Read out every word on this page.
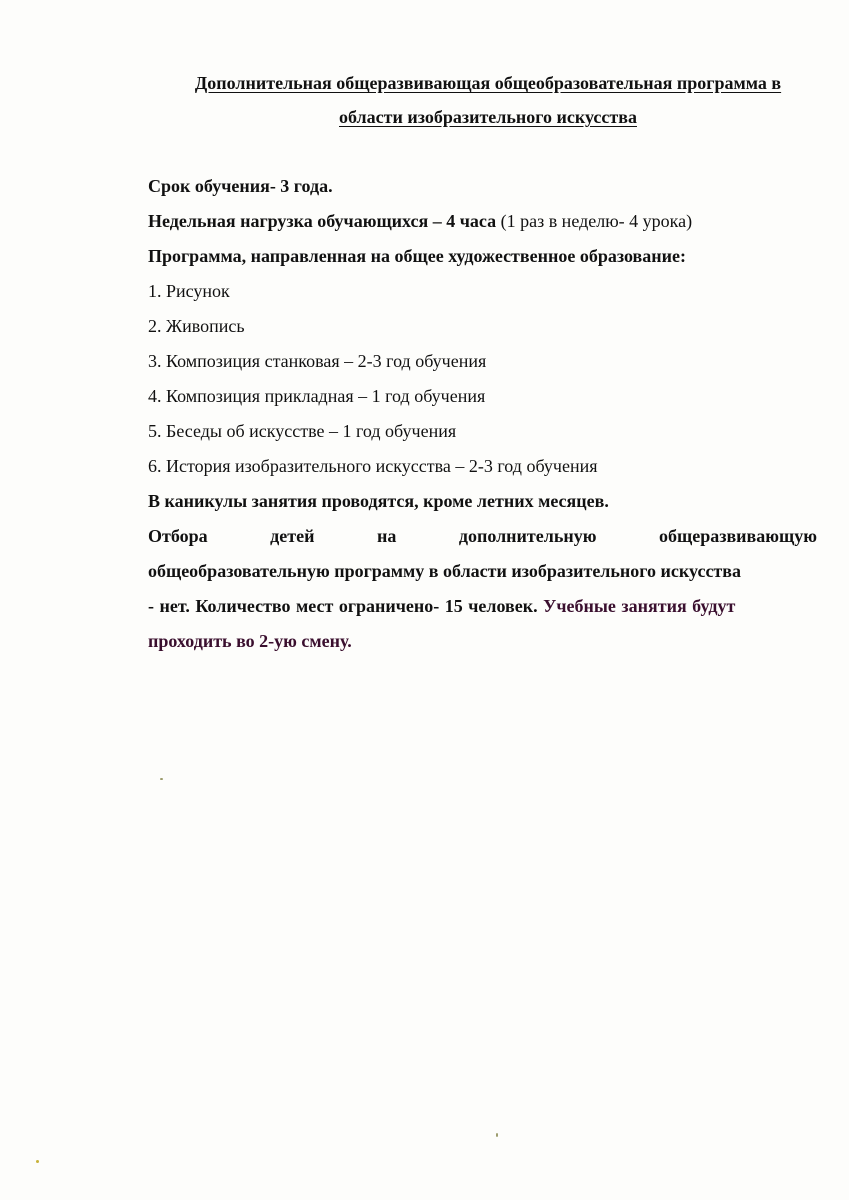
Дополнительная общеразвивающая общеобразовательная программа в
области изобразительного искусства
Срок обучения- 3 года.
Недельная нагрузка обучающихся – 4 часа (1 раз в неделю- 4 урока)
Программа, направленная на общее художественное образование:
1. Рисунок
2. Живопись
3. Композиция станковая – 2-3 год обучения
4. Композиция прикладная – 1 год обучения
5. Беседы об искусстве – 1 год обучения
6. История изобразительного искусства – 2-3 год обучения
В каникулы занятия проводятся, кроме летних месяцев.
Отбора	детей	на	дополнительную	общеразвивающую
общеобразовательную программу в области изобразительного искусства
- нет. Количество мест ограничено- 15 человек. Учебные занятия будут
проходить во 2-ую смену.
